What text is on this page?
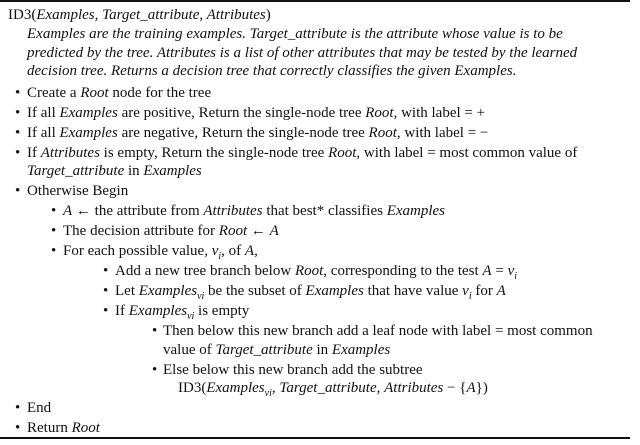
ID3(Examples, Target_attribute, Attributes)
Examples are the training examples. Target_attribute is the attribute whose value is to be
predicted by the tree. Attributes is a list of other attributes that may be tested by the learned
decision tree. Returns a decision tree that correctly classifies the given Examples.
• Create a Root node for the tree
• If all Examples are positive, Return the single-node tree Root, with label = +
• If all Examples are negative, Return the single-node tree Root, with label = −
• If Attributes is empty, Return the single-node tree Root, with label = most common value of
Target_attribute in Examples
• Otherwise Begin
• A ← the attribute from Attributes that best* classifies Examples
• The decision attribute for Root ← A
• For each possible value, $v_i$, of A,
• Add a new tree branch below Root, corresponding to the test $A = v_i$
• Let Examples$_{vi}$ be the subset of Examples that have value $v_i$ for A
• If Examples$_{vi}$ is empty
• Then below this new branch add a leaf node with label = most common
value of Target_attribute in Examples
• Else below this new branch add the subtree
ID3(Examples$_{vi}$, Target_attribute, Attributes − {A})
• End
• Return Root
